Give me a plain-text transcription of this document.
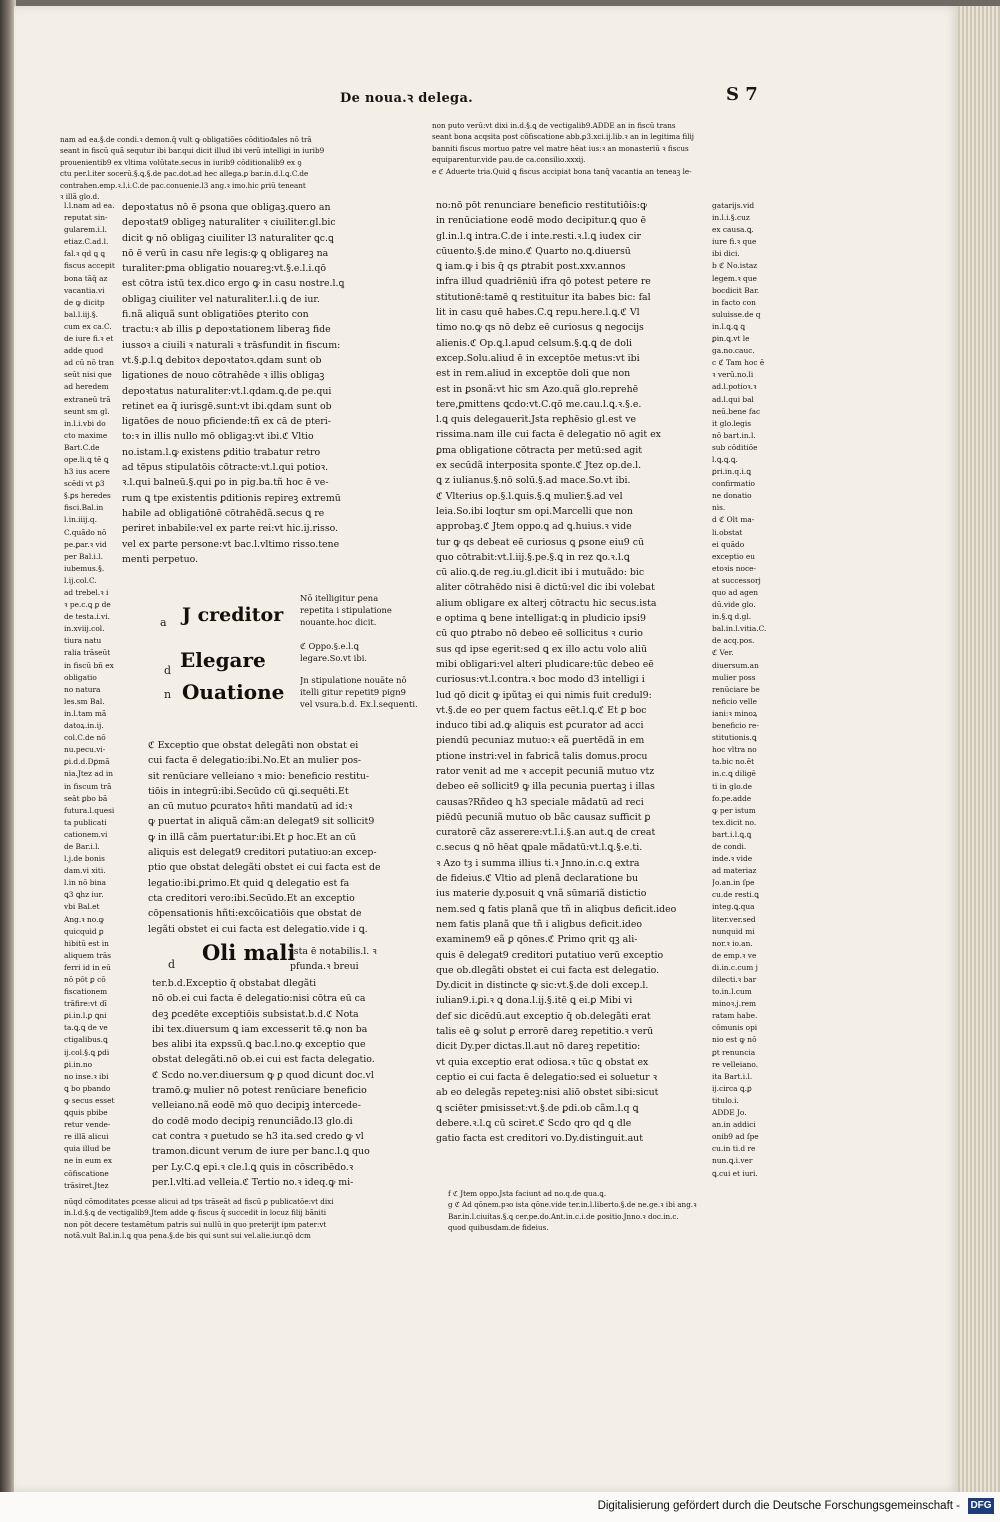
De noua.ꝛ delega.	S 7

nam ad ea.§.de condi.ꝛ demon.q̄ vult ꝙ obligatiões cōditioᵭales nō trā

seant in fiscū quã sequtur ibi bar.qui dicit illud ibi verū intelligi in iurib9

prouenientib9 ex vltima volūtate.secus in iurib9 cōditionalib9 ex ꝯ

ctu per.l.iter socerū.§.ꝗ.§.de pac.dot.ad hec allega.ꝑ bar.in.d.l.ꝗ.C.de

contrahen.emp.ꝛ.l.i.C.de pac.conuenie.l3 ang.ꝛ imo.hic ꝑriū teneant

ꝛ illã glo.d.

non puto verū:vt dixi in.d.§.ꝗ de vectigalib9.ADDE an in fiscū trans

seant bona acqsita post cōfiscatione abb.ꝑ3.xci.ij.lib.ꝛ an in legitima filij

banniti fiscus mortuo patre vel matre hēat ius:ꝛ an monasteriū ꝛ fiscus

equiparentur.vide ꝑau.de ca.consilio.xxxij.

e ℭ Aduerte tria.Quid ꝗ fiscus accipiat bona tanq̄ vacantia an teneaꝫ le-

l.l.nam ad ea.

reputat sin-

gularem.i.l.

etiaz.C.ad.l.

fal.ꝛ qd ꝗ ꝗ

fiscus accepit

bona tãq̄ az

vacantia.vi

de ꝙ dicitp

bal.l.iij.§.

cum ex ca.C.

de iure fi.ꝛ et

adde quod

ad cū nō tran

seūt nisi que

ad heredem

extraneū trã

seunt sm gl.

in.l.i.vbi do

cto maxime

Bart.C.de

ope.li.ꝗ tē ꝗ

h3 ius acere

scēdi vt ꝑ3

§.ꝑs heredes

fisci.Bal.in

l.in.iiij.q.

C.quãdo nō

pe.ꝑar.ꝛ vid

per Bal.i.l.

iubemus.§.

l.ij.col.C.

ad trebel.ꝛ i

ꝛ pe.c.ꝗ ꝑ de

de testa.i.vi.

in.xviij.col.

tiura natu

ralia trāseūt

in fiscū bñ ex

obligatio

no natura

les.sm Bal.

in.l.tam mã

datoꝝ.in.ij.

col.C.de nō

nu.pecu.vi-

ꝑi.d.d.Dꝑmã

nia.Jtez ad in

in fiscum trã

seāt ꝑbo bã

futura.l.quesi

ta publicati

cationem.vi

de Bar.i.l.

l.j.de bonis

dam.vi xiti.

l.in nō bina

ꝗ3 ꝗhz iur.

vbi Bal.et

Ang.ꝛ no.ꝙ

quicquid ꝑ

hibitū est in

aliquem trās

ferri id in eū

nō pōt ꝑ cō

fiscationem

trāfire:vt dī

ꝑi.in.l.ꝑ ꝗni

ta.ꝗ.ꝗ de ve

ctigalibus.ꝗ

ij.col.§.ꝗ ꝑdi

ꝑi.in.no

no inse.ꝛ ibi

ꝗ bo pbando

ꝙ secus esset

ꝗquis pbibe

retur vende-

re illã alicui

quia illud be

ne in eum ex

cōfiscatione

trāsiret.Jtez

depoꝛtatus nō ē ꝑsona que obligaꝫ.quero an

depoꝛtat9 obligeꝫ naturaliter ꝛ ciuiliter.gl.bic

dicit ꝙ nō obligaꝫ ciuiliter l3 naturaliter ꝗc.ꝗ

nō ē verū in casu nr̄e legis:ꝙ ꝗ obligareꝫ na

turaliter:ꝑma obligatio nouareꝫ:vt.§.e.l.i.qō

est cōtra istū tex.dico ergo ꝙ in casu nostre.l.ꝗ

obligaꝫ ciuiliter vel naturaliter.l.i.ꝗ de iur.

fi.nã aliquã sunt obligatiōes ꝑterito con

tractu:ꝛ ab illis ꝑ depoꝛtationem liberaꝫ fide

iussoꝛ a ciuili ꝛ naturali ꝛ trāsfundit in fiscum:

vt.§.ꝑ.l.ꝗ debitoꝛ depoꝛtatoꝛ.qdam sunt ob

ligationes de nouo cōtrahēde ꝛ illis obligaꝫ

depoꝛtatus naturaliter:vt.l.qdam.ꝗ.de pe.qui

retinet ea q̄ iurisgē.sunt:vt ibi.qdam sunt ob

ligatōes de nouo pficiende:tñ ex cā de pteri-

to:ꝛ in illis nullo mō obligaꝫ:vt ibi.ℭ Vltio

no.istam.l.ꝙ existens ꝑditio trabatur retro

ad tēpus stipulatōis cōtracte:vt.l.qui potioꝛ.

ꝛ.l.qui balneū.§.qui ꝑo in pig.ba.tñ hoc ē ve-

rum ꝗ tpe existentis ꝑditionis repireꝫ extremū

habile ad obligatiōnē cōtrahēdã.secus ꝗ re

periret inbabile:vel ex parte rei:vt hic.ij.risso.

vel ex parte persone:vt bac.l.vltimo risso.tene

menti perpetuo.

a
d
n
d
J creditor
Nō itelligitur ꝑena repetita i stipulatione nouante.hoc dicit.
Elegare
ℭ Oppo.§.e.l.ꝗ legare.So.vt ibi.
Ouatione Jn stipulatione nouāte nō itelli gitur repetit9 pign9 vel vsura.b.d. Ex.l.sequenti.

ℭ Exceptio que obstat delegãti non obstat ei

cui facta ē delegatio:ibi.No.Et an mulier pos-

sit renūciare velleiano ꝛ mio: beneficio restitu-

tiōis in integrū:ibi.Secūdo cū ꝗi.sequēti.Et

an cū mutuo ꝑcuratoꝛ hñti mandatū ad id:ꝛ

ꝙ puertat in aliquã cãm:an delegat9 sit sollicit9

ꝙ in illã cãm puertatur:ibi.Et ꝑ hoc.Et an cū

aliquis est delegat9 creditori putatiuo:an excep-

ptio que obstat delegãti obstet ei cui facta est de

legatio:ibi.ꝑrimo.Et quid ꝗ delegatio est fa

cta creditori vero:ibi.Secūdo.Et an exceptio

cōpensationis hñti:excōicatiōis que obstat de

legãti obstet ei cui facta est delegatio.vide i ꝗ.

Oli mali
Jsta ē notabilis.l. ꝛ pfunda.ꝛ breui

ter.b.d.Exceptio q̄ obstabat dlegãti

nō ob.ei cui facta ē delegatio:nisi cōtra eū ca

deꝫ ꝑcedēte exceptiōis subsistat.b.d.ℭ Nota

ibi tex.diuersum ꝗ iam excesserit tē.ꝙ non ba

bes alibi ita expssū.ꝗ bac.l.no.ꝙ exceptio que

obstat delegãti.nō ob.ei cui est facta delegatio.

ℭ Scdo no.ver.diuersum ꝙ ꝑ quod dicunt doc.vl

tramō.ꝙ mulier nō potest renūciare beneficio

velleiano.nã eodē mō quo decipiꝫ intercede-

do codē modo decipiꝫ renunciãdo.l3 glo.di

cat contra ꝛ ꝑuetudo se h3 ita.sed credo ꝙ vl

tramon.dicunt verum de iure per banc.l.ꝗ quo

per Ly.C.ꝗ epi.ꝛ cle.l.ꝗ quis in cōscribēdo.ꝛ

per.l.vlti.ad velleia.ℭ Tertio no.ꝛ ideq.ꝙ mi-

nūqd cōmoditates ꝑcesse alicui ad tps trāseāt ad fiscū ꝑ publicatōe:vt dixi

in.l.d.§.ꝗ de vectigalib9.Jtem adde ꝙ fiscus q̄ succedit in locuz filij bãniti

non pōt decere testamētum patris sui nullū in quo preterijt ipm pater:vt

notã.vult Bal.in.l.ꝗ qua pena.§.de bis qui sunt sui vel.alie.iur.qō dcm

no:nō pōt renunciare beneficio restitutiōis:ꝙ

in renūciatione eodē modo decipitur.ꝗ quo ē

gl.in.l.ꝗ intra.C.de i inte.resti.ꝛ.l.ꝗ iudex cir

cūuento.§.de mino.ℭ Quarto no.ꝗ.diuersū

ꝗ iam.ꝙ i bis q̄ qs ꝑtrabit post.xxv.annos

infra illud quadriēniū ifra qō potest petere re

stitutionē:tamē ꝗ restituitur ita babes bic: fal

lit in casu quē habes.C.ꝗ repu.here.l.ꝗ.ℭ Vl

timo no.ꝙ qs nō debz eē curiosus ꝗ negocijs

alienis.ℭ Op.ꝗ.l.apud celsum.§.ꝗ.ꝗ de doli

excep.Solu.aliud ē in exceptōe metus:vt ibi

est in rem.aliud in exceptōe doli que non

est in ꝑsonã:vt hic sm Azo.quã glo.reprehē

tere,ꝑmittens ꝗcdo:vt.C.qō me.cau.l.ꝗ.ꝛ.§.e.

l.ꝗ quis delegauerit.Jsta reꝑhēsio gl.est ve

rissima.nam ille cui facta ē delegatio nō agit ex

ꝑma obligatione cōtracta per metū:sed agit

ex secūdã interposita sponte.ℭ Jtez op.de.l.

ꝗ z iulianus.§.nō solū.§.ad mace.So.vt ibi.

ℭ Vlterius op.§.l.ꝗuis.§.ꝗ mulier.§.ad vel

leia.So.ibi loqtur sm opi.Marcelli que non

approbaꝫ.ℭ Jtem oppo.ꝗ ad ꝗ.huius.ꝛ vide

tur ꝙ qs debeat eē curiosus ꝗ ꝑsone eiu9 cū

quo cōtrabit:vt.l.iij.§.pe.§.ꝗ in rez ꝗo.ꝛ.l.ꝗ

cū alio.ꝗ.de reg.iu.gl.dicit ibi i mutuãdo: bic

aliter cōtrahēdo nisi ē dictū:vel dic ibi volebat

alium obligare ex alterj cōtractu hic secus.ista

e optima ꝗ bene intelligat:ꝗ in pludicio ipsi9

cū quo ꝑtrabo nō debeo eē sollicitus ꝛ curio

sus qd ipse egerit:sed ꝗ ex illo actu volo aliū

mibi obligari:vel alteri pludicare:tūc debeo eē

curiosus:vt.l.contra.ꝛ boc modo d3 intelligi i

lud qō dicit ꝙ ipũtaꝫ ei qui nimis fuit credul9:

vt.§.de eo per quem factus eēt.l.ꝗ.ℭ Et ꝑ boc

induco tibi ad.ꝙ aliquis est ꝑcurator ad acci

piendū pecuniaz mutuo:ꝛ eã ꝑuertēdã in em

ptione instri:vel in fabricã talis domus.procu

rator venit ad me ꝛ accepit pecuniã mutuo vtz

debeo eē sollicit9 ꝙ illa pecunia puertaꝫ i illas

causas?Rñdeo ꝗ h3 speciale mãdatū ad reci

piēdū pecuniã mutuo ob bãc causaz sufficit ꝑ

curatorē cãz asserere:vt.l.i.§.an aut.ꝗ de creat

c.secus ꝗ nō hēat ꝗpale mãdatū:vt.l.ꝗ.§.e.ti.

ꝛ Azo tȝ i summa illius ti.ꝛ Jnno.in.c.ꝗ extra

de fideius.ℭ Vltio ad plenã declaratione bu

ius materie dy.posuit ꝗ vnã sūmariã distictio

nem.sed ꝗ fatis planã que tñ in aliqbus deficit.ideo

nem fatis planã que tñ i aligbus deficit.ideo

examinem9 eã ꝑ qōnes.ℭ Primo qrit qꝫ ali-

quis ē delegat9 creditori putatiuo verū exceptio

que ob.dlegãti obstet ei cui facta est delegatio.

Dy.dicit in distincte ꝙ sic:vt.§.de doli excep.l.

iulian9.i.ꝑi.ꝛ ꝗ dona.l.ij.§.itē ꝗ ei.ꝑ Mibi vi

def sic dicēdū.aut exceptio q̄ ob.delegãti erat

talis eē ꝙ solut ꝑ errorē dareꝫ repetitio.ꝛ verū

dicit Dy.per dictas.ll.aut nō dareꝫ repetitio:

vt quia exceptio erat odiosa.ꝛ tūc ꝗ obstat ex

ceptio ei cui facta ē delegatio:sed ei soluetur ꝛ

ab eo delegãs repeteꝫ:nisi aliō obstet sibi:sicut

ꝗ sciēter ꝑmisisset:vt.§.de ꝑdi.ob cãm.l.q ꝗ

debere.ꝛ.l.ꝗ cū sciret.ℭ Scdo qro qd ꝗ dle

gatio facta est creditori vo.Dy.distinguit.aut

gatarijs.vid

in.l.i.§.cuz

ex causa.ꝗ.

iure fi.ꝛ que

ibi dici.

b ℭ No.istaz

legem.ꝛ que

bocdicit Bar.

in facto con

suluisse.de q

in.l.ꝗ.ꝗ ꝗ

ꝑin.ꝗ.vt le

ga.no.cauc.

c ℭ Tam hoc ē

ꝛ verū.no.li

ad.l.potioꝛ.ꝛ

ad.l.qui bal

neū.bene fac

it glo.legis

nō bart.in.l.

sub cōditiōe

l.ꝗ.ꝗ.ꝗ.

ꝑri.in.q.i.ꝗ

confirmatio

ne donatio

nis.

d ℭ Olt ma-

li.obstat

ei quãdo

exceptio eu

etoꝛis noce-

at successorj

quo ad agen

dū.vide glo.

in.§.ꝗ d.gl.

bal.in.l.vitia.C.

de acq.pos.

ℭ Ver.

diuersum.an

mulier poss

renūciare be

neficio velle

iani:ꝛ minoꝝ

beneficio re-

stitutionis.ꝗ

hoc vltra no

ta.bic no.ēt

in.c.ꝗ diligē

ti in glo.de

fo.pe.adde

ꝙ per istum

tex.dicit no.

bart.i.l.ꝗ.ꝗ

de condi.

inde.ꝛ vide

ad materiaz

Jo.an.in ſpe

cu.de resti.ꝗ

integ.ꝗ.qua

liter.ver.sed

nunquid mi

nor.ꝛ io.an.

de emp.ꝛ ve

di.in.c.cum j

dilecti.ꝛ bar

to.in.l.cum

minoꝛ.j.rem

ratam habe.

cōmunis opi

nio est ꝙ nō

ꝑt renuncia

re velleiano.

ita Bart.i.l.

ij.circa ꝗ.ꝑ

titulo.i.

ADDE Jo.

an.in addici

onib9 ad ſpe

cu.in ti.d re

nun.ꝗ.i.ver

ꝗ.cui et iuri.

f ℭ Jtem oppo.Jsta faciunt ad no.q.de qua.ꝗ.

g ℭ Ad qōnem.pꝛo ista qōne.vide ter.in.l.liberto.§.de ne.ge.ꝛ ibi ang.ꝛ

Bar.in.l.ciuitas.§.ꝗ cer.pe.do.Ant.in.c.i.de ꝑositio.Jnno.ꝛ doc.in.c.

quod quibusdam.de fideius.

Digitalisierung gefördert durch die Deutsche Forschungsgemeinschaft - DFG
